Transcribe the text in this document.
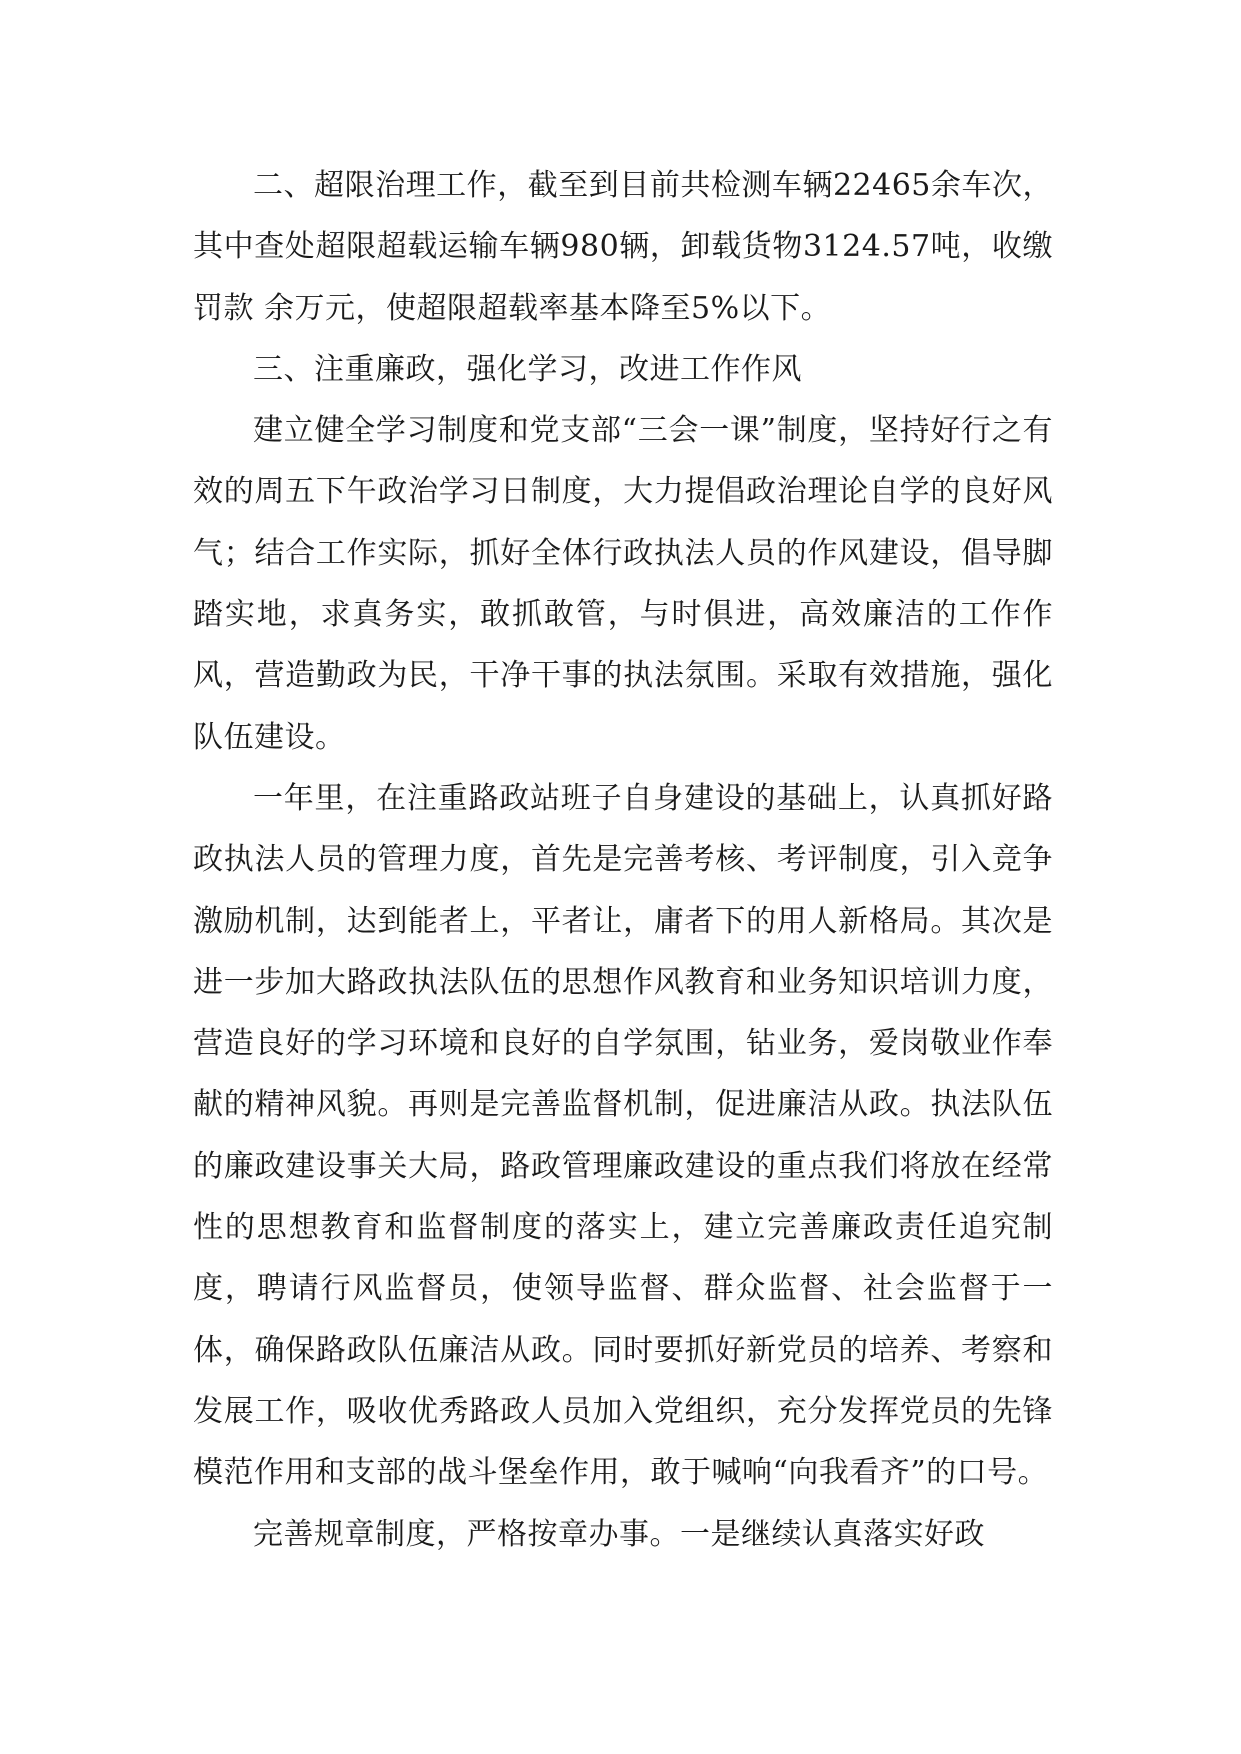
二、超限治理工作，截至到目前共检测车辆22465余车次，其中查处超限超载运输车辆980辆，卸载货物3124.57吨，收缴罚款 余万元，使超限超载率基本降至5%以下。

三、注重廉政，强化学习，改进工作作风

建立健全学习制度和党支部“三会一课”制度，坚持好行之有效的周五下午政治学习日制度，大力提倡政治理论自学的良好风气；结合工作实际，抓好全体行政执法人员的作风建设，倡导脚踏实地，求真务实，敢抓敢管，与时俱进，高效廉洁的工作作风，营造勤政为民，干净干事的执法氛围。采取有效措施，强化队伍建设。

一年里，在注重路政站班子自身建设的基础上，认真抓好路政执法人员的管理力度，首先是完善考核、考评制度，引入竞争激励机制，达到能者上，平者让，庸者下的用人新格局。其次是进一步加大路政执法队伍的思想作风教育和业务知识培训力度，营造良好的学习环境和良好的自学氛围，钻业务，爱岗敬业作奉献的精神风貌。再则是完善监督机制，促进廉洁从政。执法队伍的廉政建设事关大局，路政管理廉政建设的重点我们将放在经常性的思想教育和监督制度的落实上，建立完善廉政责任追究制度，聘请行风监督员，使领导监督、群众监督、社会监督于一体，确保路政队伍廉洁从政。同时要抓好新党员的培养、考察和发展工作，吸收优秀路政人员加入党组织，充分发挥党员的先锋模范作用和支部的战斗堡垒作用，敢于喊响“向我看齐”的口号。

完善规章制度，严格按章办事。一是继续认真落实好政
